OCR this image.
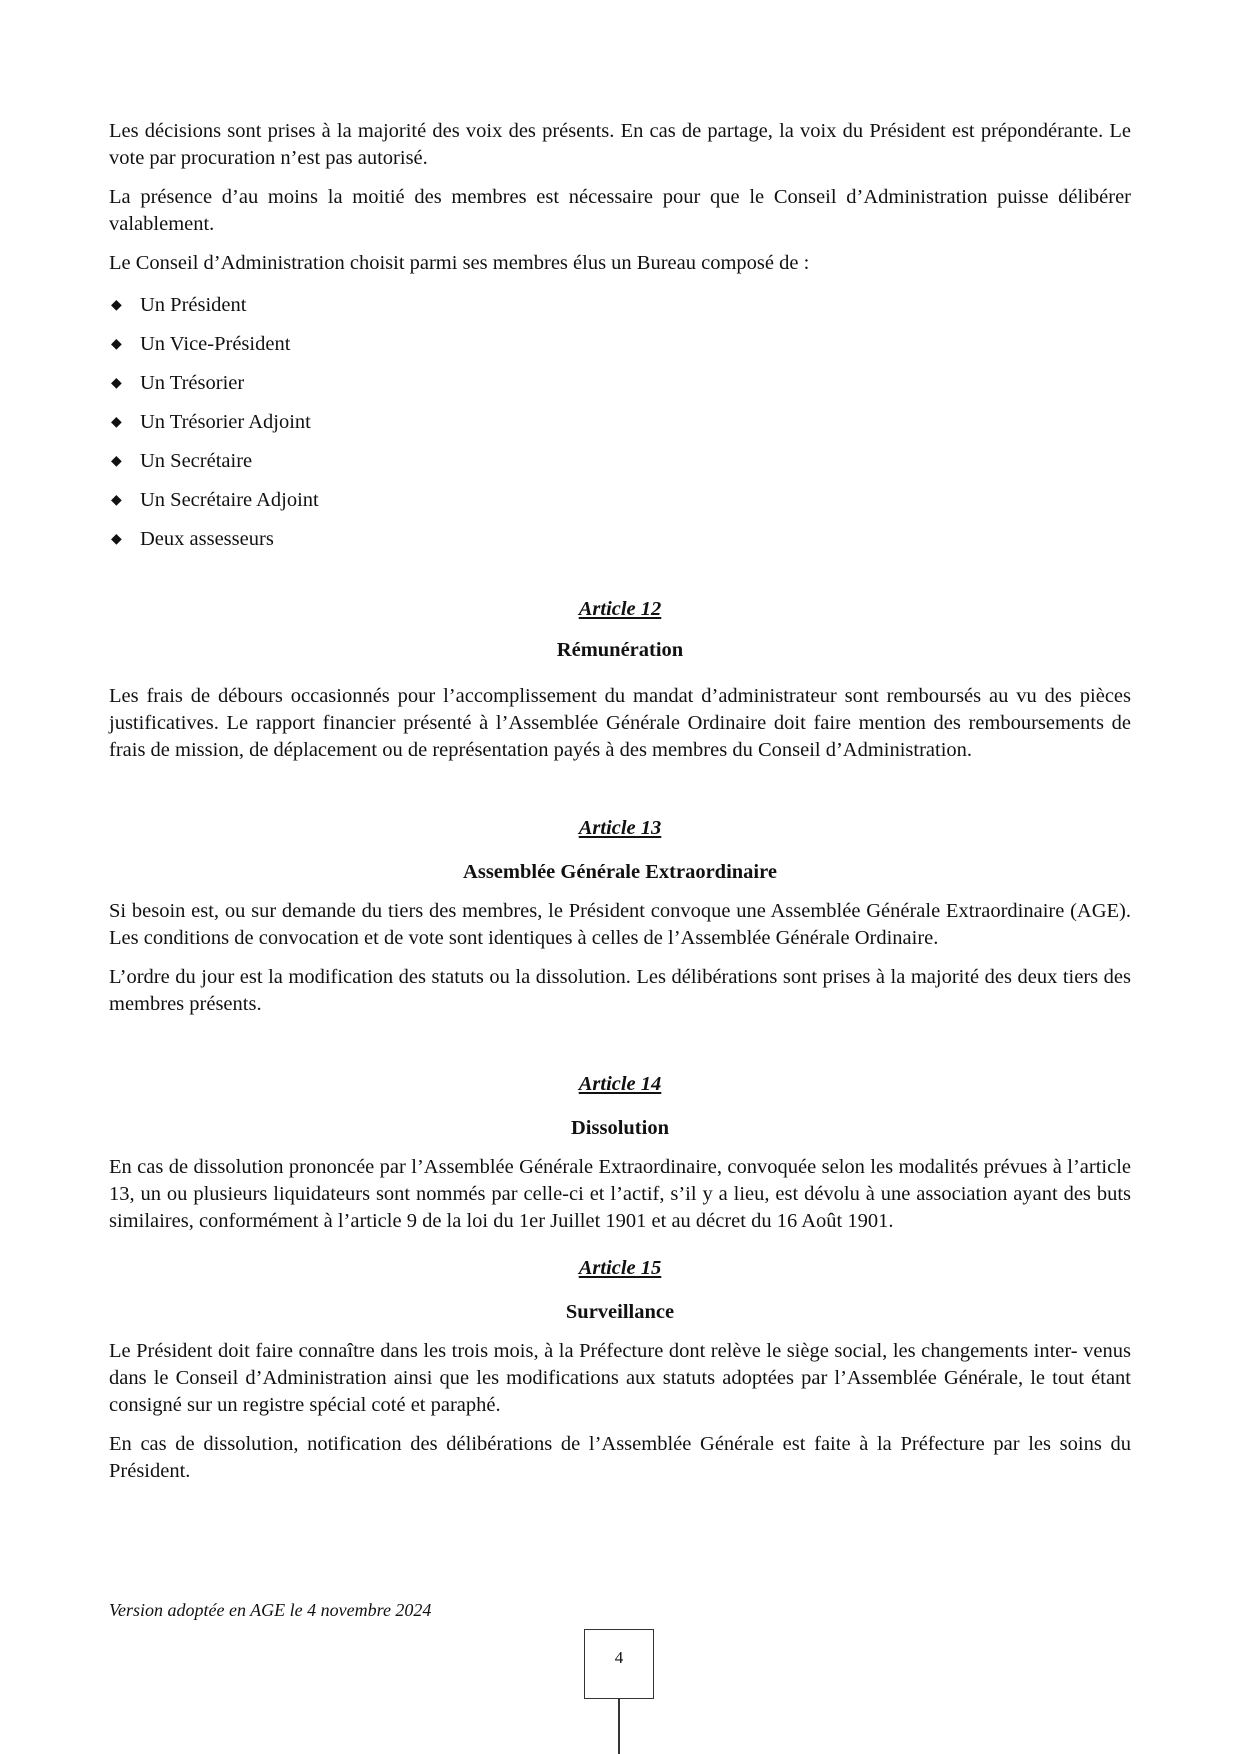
Les décisions sont prises à la majorité des voix des présents. En cas de partage, la voix du Président est prépondérante. Le vote par procuration n’est pas autorisé.

La présence d’au moins la moitié des membres est nécessaire pour que le Conseil d’Administration puisse délibérer valablement.

Le Conseil d’Administration choisit parmi ses membres élus un Bureau composé de :

◆ Un Président
◆ Un Vice-Président
◆ Un Trésorier
◆ Un Trésorier Adjoint
◆ Un Secrétaire
◆ Un Secrétaire Adjoint
◆ Deux assesseurs

Article 12

Rémunération

Les frais de débours occasionnés pour l’accomplissement du mandat d’administrateur sont remboursés au vu des pièces justificatives. Le rapport financier présenté à l’Assemblée Générale Ordinaire doit faire mention des remboursements de frais de mission, de déplacement ou de représentation payés à des membres du Conseil d’Administration.

Article 13

Assemblée Générale Extraordinaire

Si besoin est, ou sur demande du tiers des membres, le Président convoque une Assemblée Générale Extraordinaire (AGE). Les conditions de convocation et de vote sont identiques à celles de l’Assemblée Générale Ordinaire.

L’ordre du jour est la modification des statuts ou la dissolution. Les délibérations sont prises à la majorité des deux tiers des membres présents.

Article 14

Dissolution

En cas de dissolution prononcée par l’Assemblée Générale Extraordinaire, convoquée selon les modalités prévues à l’article 13, un ou plusieurs liquidateurs sont nommés par celle-ci et l’actif, s’il y a lieu, est dévolu à une association ayant des buts similaires, conformément à l’article 9 de la loi du 1er Juillet 1901 et au décret du 16 Août 1901.

Article 15

Surveillance

Le Président doit faire connaître dans les trois mois, à la Préfecture dont relève le siège social, les changements inter- venus dans le Conseil d’Administration ainsi que les modifications aux statuts adoptées par l’Assemblée Générale, le tout étant consigné sur un registre spécial coté et paraphé.

En cas de dissolution, notification des délibérations de l’Assemblée Générale est faite à la Préfecture par les soins du Président.

Version adoptée en AGE le 4 novembre 2024
4
